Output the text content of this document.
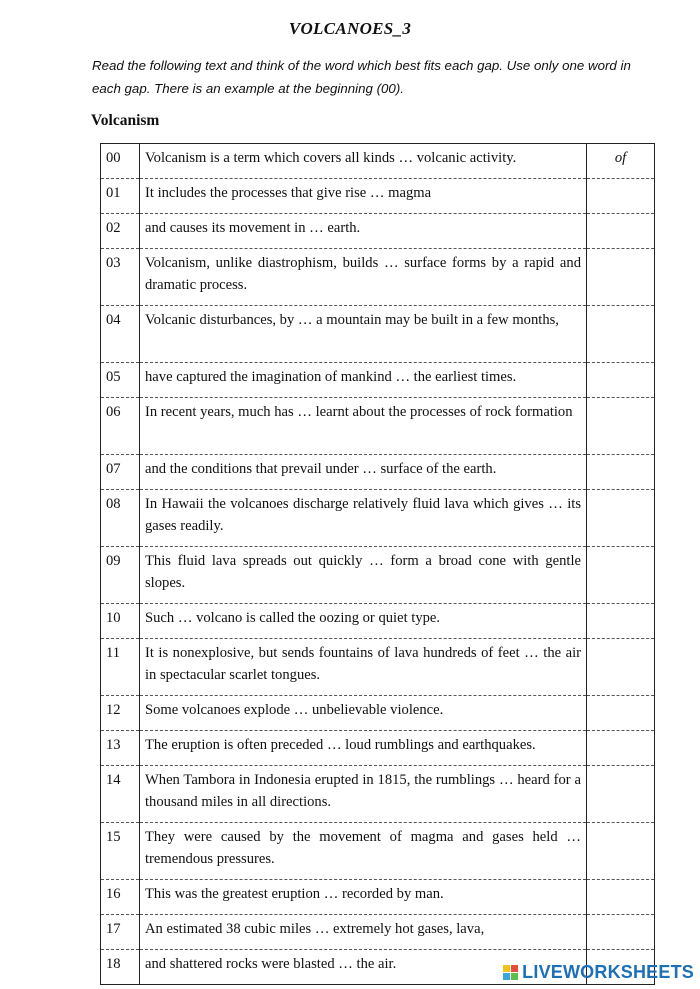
VOLCANOES_3
Read the following text and think of the word which best fits each gap. Use only one word in each gap. There is an example at the beginning (00).
Volcanism
00	Volcanism is a term which covers all kinds … volcanic activity.	of
01	It includes the processes that give rise … magma	
02	and causes its movement in … earth.	
03	Volcanism, unlike diastrophism, builds … surface forms by a rapid and dramatic process.	
04	Volcanic disturbances, by … a mountain may be built in a few months,	
05	have captured the imagination of mankind … the earliest times.	
06	In recent years, much has … learnt about the processes of rock formation	
07	and the conditions that prevail under … surface of the earth.	
08	In Hawaii the volcanoes discharge relatively fluid lava which gives … its gases readily.	
09	This fluid lava spreads out quickly … form a broad cone with gentle slopes.	
10	Such … volcano is called the oozing or quiet type.	
11	It is nonexplosive, but sends fountains of lava hundreds of feet … the air in spectacular scarlet tongues.	
12	Some volcanoes explode … unbelievable violence.	
13	The eruption is often preceded … loud rumblings and earthquakes.	
14	When Tambora in Indonesia erupted in 1815, the rumblings … heard for a thousand miles in all directions.	
15	They were caused by the movement of magma and gases held … tremendous pressures.	
16	This was the greatest eruption … recorded by man.	
17	An estimated 38 cubic miles … extremely hot gases, lava,	
18	and shattered rocks were blasted … the air.		LIVEWORKSHEETS
